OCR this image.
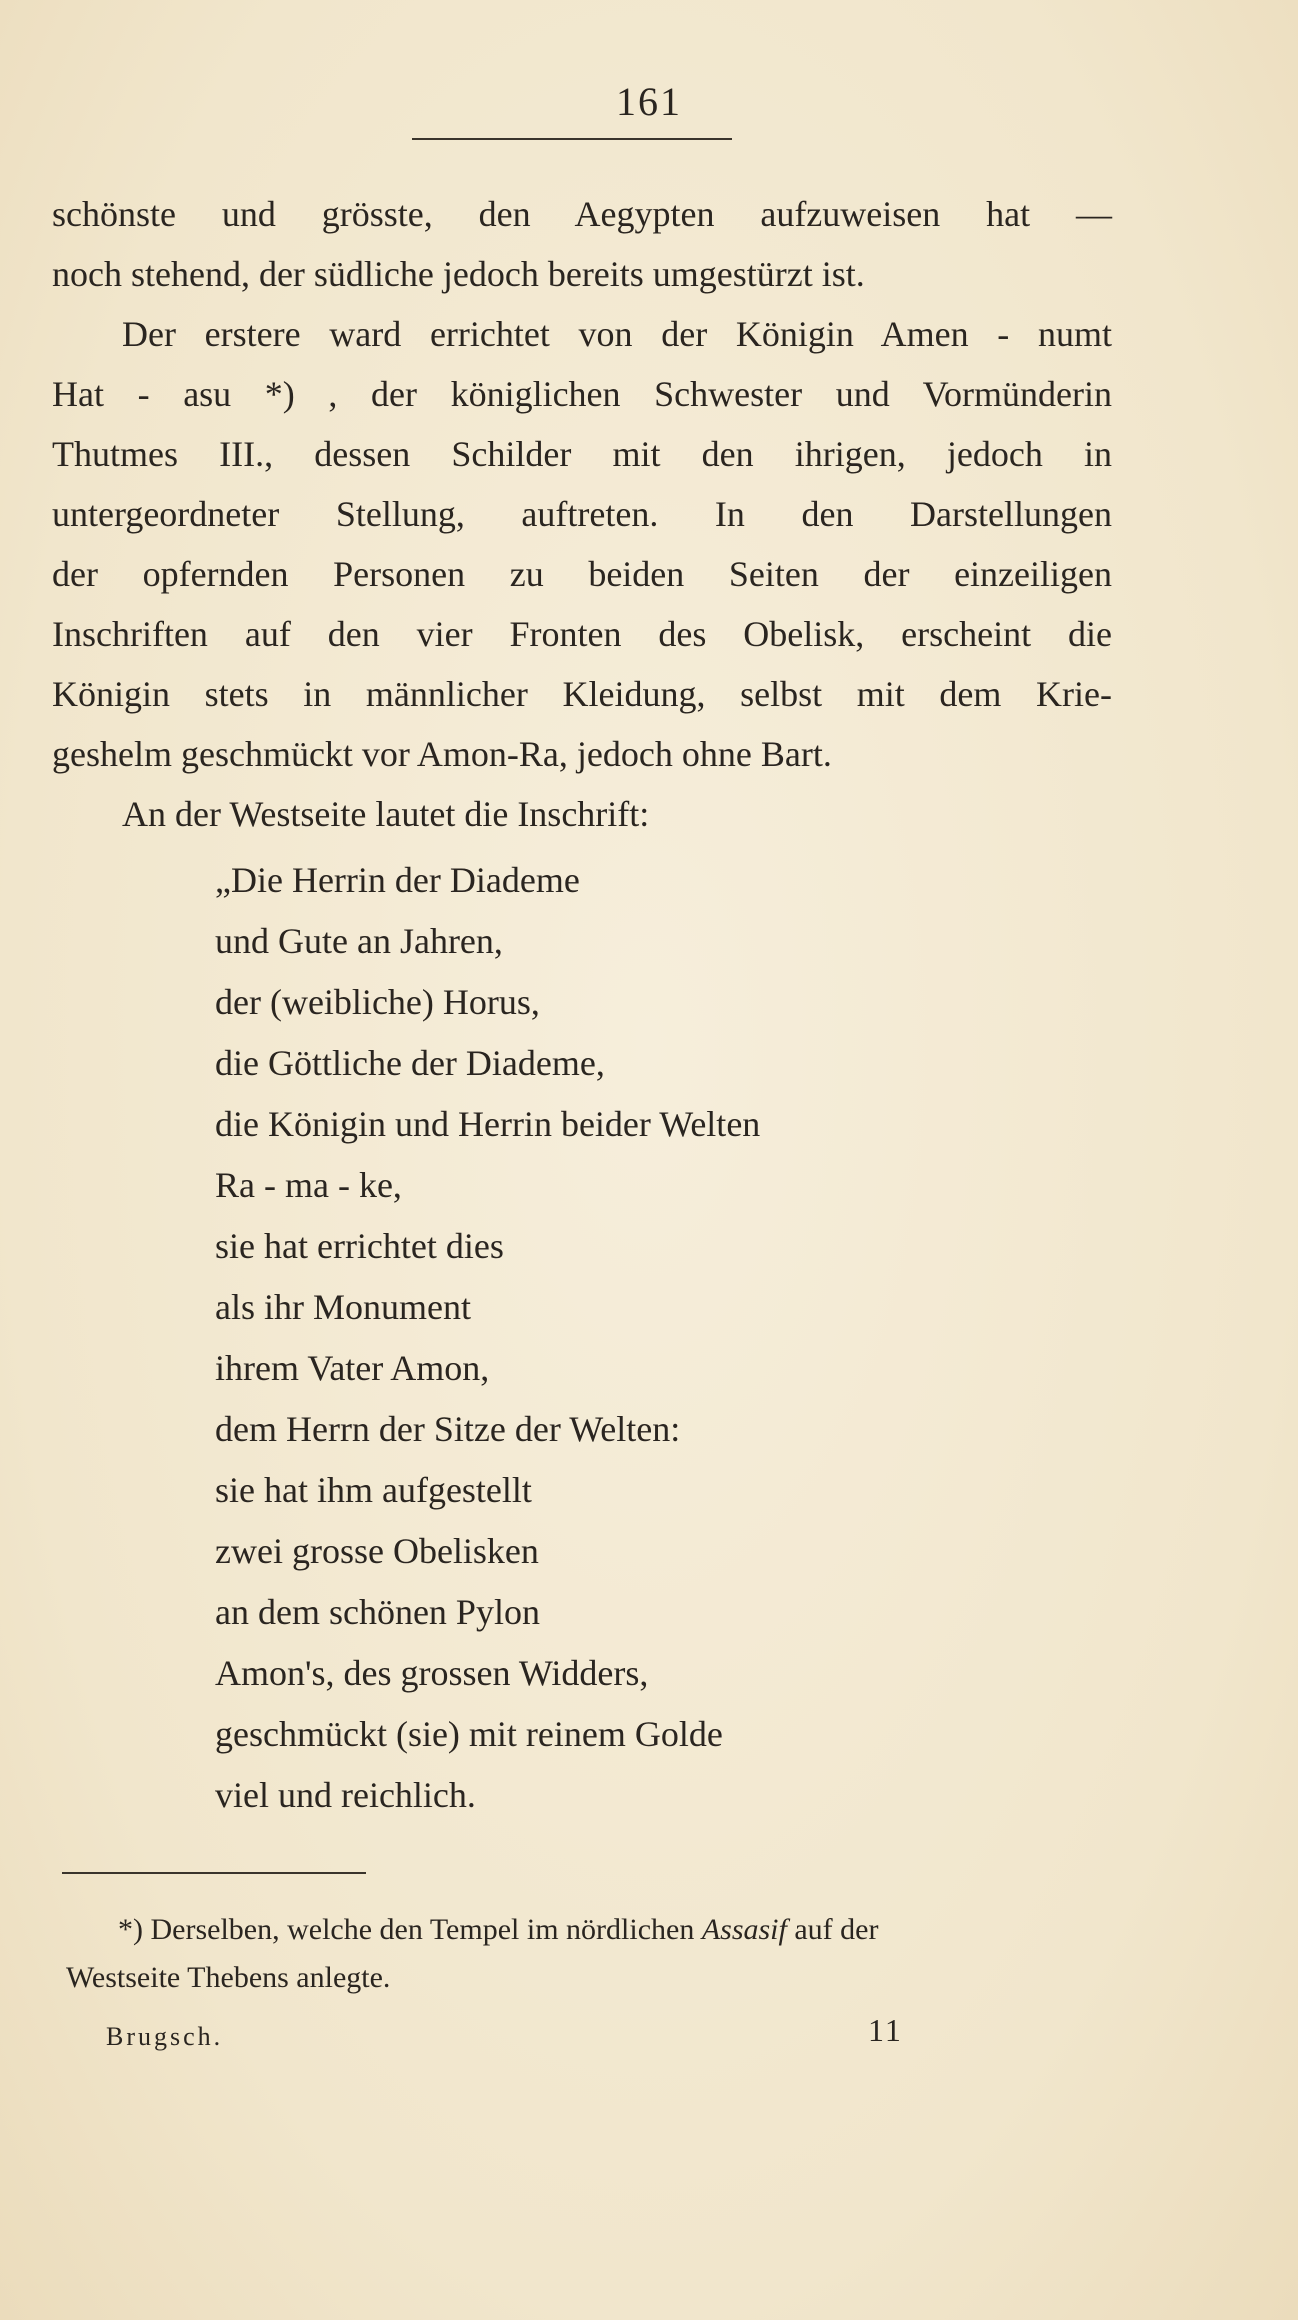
161
schönste und grösste, den Aegypten aufzuweisen hat —
noch stehend, der südliche jedoch bereits umgestürzt ist.
Der erstere ward errichtet von der Königin Amen - numt
Hat - asu *) , der königlichen Schwester und Vormünderin
Thutmes III., dessen Schilder mit den ihrigen, jedoch in
untergeordneter Stellung, auftreten. In den Darstellungen
der opfernden Personen zu beiden Seiten der einzeiligen
Inschriften auf den vier Fronten des Obelisk, erscheint die
Königin stets in männlicher Kleidung, selbst mit dem Krie-
geshelm geschmückt vor Amon-Ra, jedoch ohne Bart.
An der Westseite lautet die Inschrift:
„Die Herrin der Diademe
und Gute an Jahren,
der (weibliche) Horus,
die Göttliche der Diademe,
die Königin und Herrin beider Welten
Ra - ma - ke,
sie hat errichtet dies
als ihr Monument
ihrem Vater Amon,
dem Herrn der Sitze der Welten:
sie hat ihm aufgestellt
zwei grosse Obelisken
an dem schönen Pylon
Amon's, des grossen Widders,
geschmückt (sie) mit reinem Golde
viel und reichlich.
*) Derselben, welche den Tempel im nördlichen Assasif auf der
Westseite Thebens anlegte.
Brugsch.	11
